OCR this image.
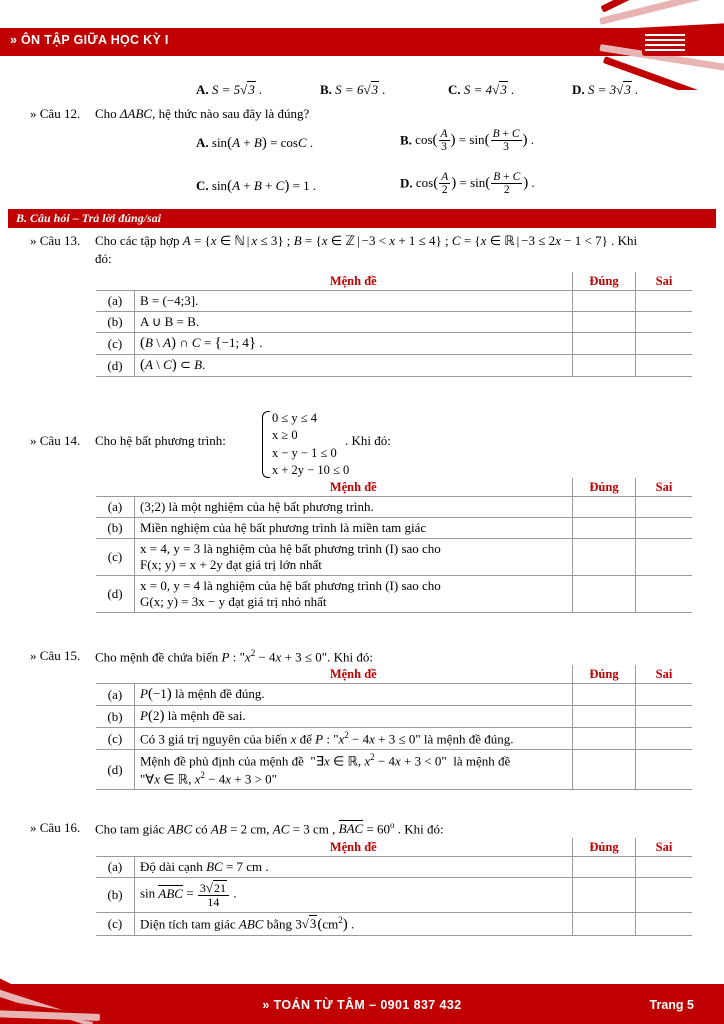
» ÔN TẬP GIỮA HỌC KỲ I
A. S = 5√3 .	B. S = 6√3 .	C. S = 4√3 .	D. S = 3√3 .
» Câu 12. Cho ΔABC, hệ thức nào sau đây là đúng?
A. sin(A + B) = cosC .	B. $\cos( \frac{A}{3}$ ) = $\sin( \frac{B + C}{3}$ ) .
C. sin(A + B + C) = 1 .	D. $\cos( \frac{A}{2}$ ) = $\sin( \frac{B + C}{2}$ ) .
B. Câu hỏi – Trả lời đúng/sai
» Câu 13. Cho các tập hợp A = {x ∈ ℕ | x ≤ 3} ; B = {x ∈ ℤ | −3 < x + 1 ≤ 4} ; C = {x ∈ ℝ | −3 ≤ 2x − 1 < 7} . Khi
đó:
	Mệnh đề	Đúng	Sai
(a)	B = (−4;3].		
(b)	A ∪ B = B.		
(c)	(B \ A) ∩ C = {−1; 4} .		
(d)	(A \ C) ⊂ B.		
» Câu 14. Cho hệ bất phương trình:
0 ≤ y ≤ 4
x ≥ 0
x − y − 1 ≤ 0
x + 2y − 10 ≤ 0
. Khi đó:
	Mệnh đề	Đúng	Sai
(a)	(3;2) là một nghiệm của hệ bất phương trình.		
(b)	Miền nghiệm của hệ bất phương trình là miền tam giác		
(c)	x = 4, y = 3 là nghiệm của hệ bất phương trình (I) sao cho
F(x; y) = x + 2y đạt giá trị lớn nhất		

(d)	x = 0, y = 4 là nghiệm của hệ bất phương trình (I) sao cho
G(x; y) = 3x − y đạt giá trị nhỏ nhất		

» Câu 15. Cho mệnh đề chứa biến P : "$x^2 - 4x + 3 \le 0$". Khi đó:
	Mệnh đề	Đúng	Sai
(a)	P(−1) là mệnh đề đúng.		
(b)	P(2) là mệnh đề sai.		
(c)	Có 3 giá trị nguyên của biến x để P : "$x^2 - 4x + 3 \le 0$" là mệnh đề đúng.		
(d)	Mệnh đề phủ định của mệnh đề  "∃x ∈ ℝ, $x^2 - 4x + 3 < 0$"  là mệnh đề
"∀x ∈ ℝ, $x^2 - 4x + 3 > 0$"		

» Câu 16. Cho tam giác ABC có AB = 2 cm, AC = 3 cm , BAC = $60^o$ . Khi đó:
	Mệnh đề	Đúng	Sai
(a)	Độ dài cạnh BC = 7 cm .		
(b)	sin ABC = $\frac{3√21}{14}$ .		
(c)	Diện tích tam giác ABC bằng $3√3(cm^2)$ .		
» TOÁN TỪ TÂM – 0901 837 432	Trang 5
